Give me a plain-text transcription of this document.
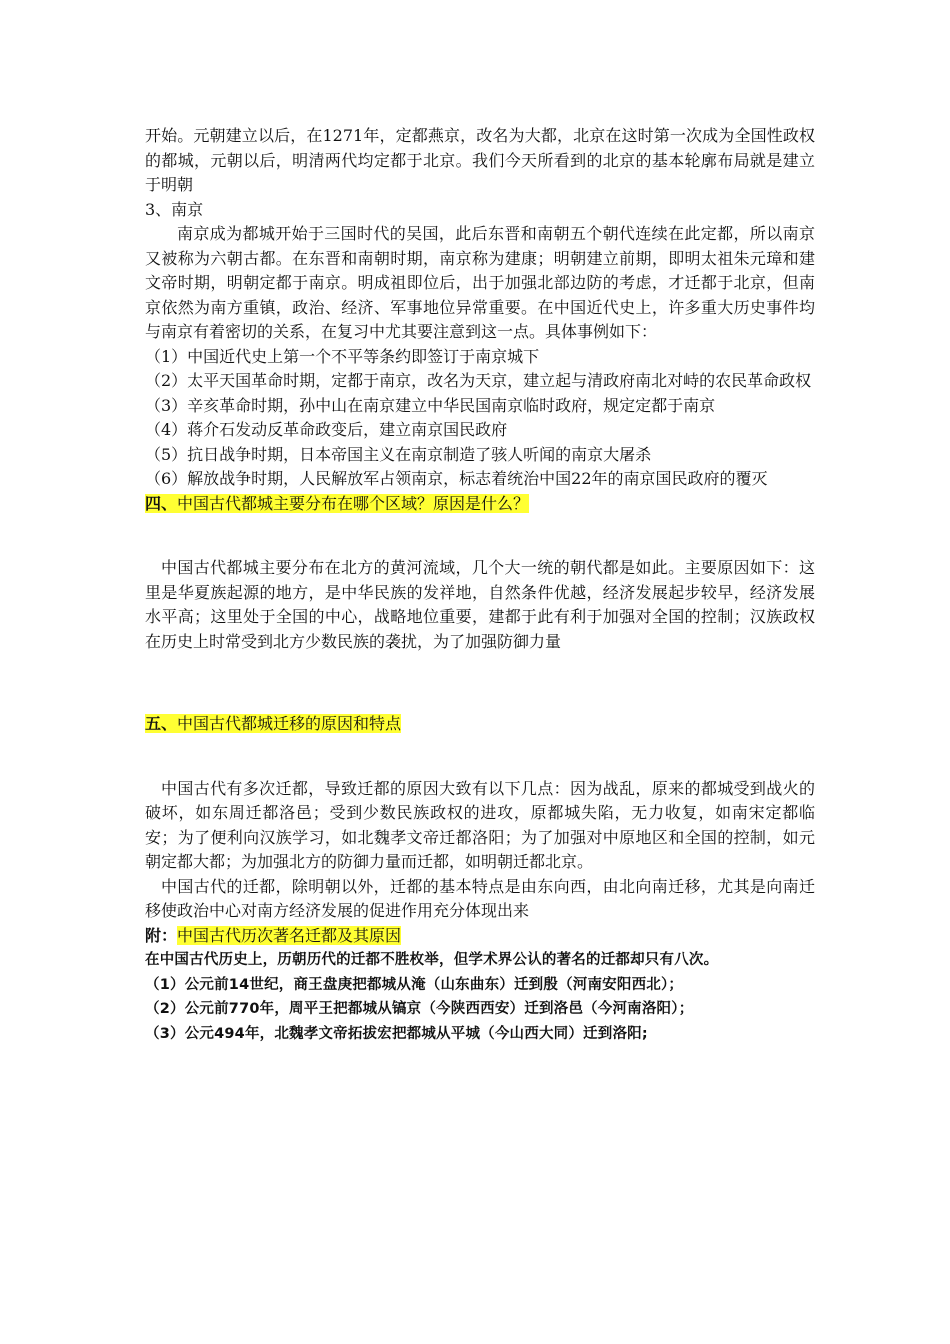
开始。元朝建立以后，在1271年，定都燕京，改名为大都，北京在这时第一次成为全国性政权的都城，元朝以后，明清两代均定都于北京。我们今天所看到的北京的基本轮廓布局就是建立于明朝

3、南京

南京成为都城开始于三国时代的吴国，此后东晋和南朝五个朝代连续在此定都，所以南京又被称为六朝古都。在东晋和南朝时期，南京称为建康；明朝建立前期，即明太祖朱元璋和建文帝时期，明朝定都于南京。明成祖即位后，出于加强北部边防的考虑，才迁都于北京，但南京依然为南方重镇，政治、经济、军事地位异常重要。在中国近代史上，许多重大历史事件均与南京有着密切的关系，在复习中尤其要注意到这一点。具体事例如下：

（1）中国近代史上第一个不平等条约即签订于南京城下

（2）太平天国革命时期，定都于南京，改名为天京，建立起与清政府南北对峙的农民革命政权

（3）辛亥革命时期，孙中山在南京建立中华民国南京临时政府，规定定都于南京

（4）蒋介石发动反革命政变后，建立南京国民政府

（5）抗日战争时期，日本帝国主义在南京制造了骇人听闻的南京大屠杀

（6）解放战争时期，人民解放军占领南京，标志着统治中国22年的南京国民政府的覆灭

四、中国古代都城主要分布在哪个区域？原因是什么？

中国古代都城主要分布在北方的黄河流域，几个大一统的朝代都是如此。主要原因如下：这里是华夏族起源的地方，是中华民族的发祥地，自然条件优越，经济发展起步较早，经济发展水平高；这里处于全国的中心，战略地位重要，建都于此有利于加强对全国的控制；汉族政权在历史上时常受到北方少数民族的袭扰，为了加强防御力量

五、中国古代都城迁移的原因和特点

中国古代有多次迁都，导致迁都的原因大致有以下几点：因为战乱，原来的都城受到战火的破坏，如东周迁都洛邑；受到少数民族政权的进攻，原都城失陷，无力收复，如南宋定都临安；为了便利向汉族学习，如北魏孝文帝迁都洛阳；为了加强对中原地区和全国的控制，如元朝定都大都；为加强北方的防御力量而迁都，如明朝迁都北京。

中国古代的迁都，除明朝以外，迁都的基本特点是由东向西，由北向南迁移，尤其是向南迁移使政治中心对南方经济发展的促进作用充分体现出来

附：中国古代历次著名迁都及其原因

在中国古代历史上，历朝历代的迁都不胜枚举，但学术界公认的著名的迁都却只有八次。

（1）公元前14世纪，商王盘庚把都城从淹（山东曲东）迁到殷（河南安阳西北）；

（2）公元前770年，周平王把都城从镐京（今陕西西安）迁到洛邑（今河南洛阳）；

（3）公元494年，北魏孝文帝拓拔宏把都城从平城（今山西大同）迁到洛阳;
